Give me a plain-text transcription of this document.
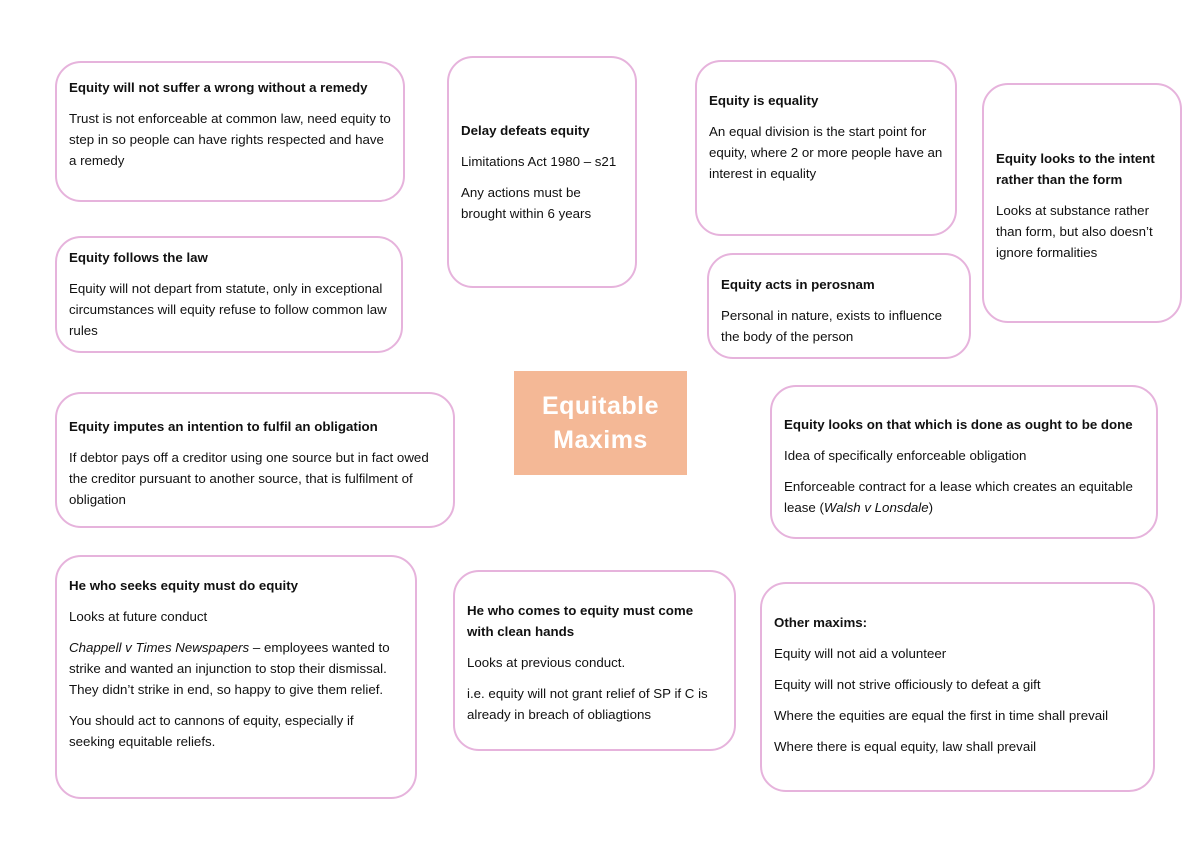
Equity will not suffer a wrong without a remedy

Trust is not enforceable at common law, need equity to step in so people can have rights respected and have a remedy

Delay defeats equity

Limitations Act 1980 – s21

Any actions must be brought within 6 years

Equity is equality

An equal division is the start point for equity, where 2 or more people have an interest in equality

Equity looks to the intent rather than the form

Looks at substance rather than form, but also doesn’t ignore formalities

Equity follows the law

Equity will not depart from statute, only in exceptional circumstances will equity refuse to follow common law rules

Equity acts in perosnam

Personal in nature, exists to influence the body of the person

Equitable
Maxims
Equity imputes an intention to fulfil an obligation

If debtor pays off a creditor using one source but in fact owed the creditor pursuant to another source, that is fulfilment of obligation

Equity looks on that which is done as ought to be done

Idea of specifically enforceable obligation

Enforceable contract for a lease which creates an equitable lease (Walsh v Lonsdale)

He who seeks equity must do equity

Looks at future conduct

Chappell v Times Newspapers – employees wanted to strike and wanted an injunction to stop their dismissal. They didn’t strike in end, so happy to give them relief.

You should act to cannons of equity, especially if seeking equitable reliefs.

He who comes to equity must come with clean hands

Looks at previous conduct.

i.e. equity will not grant relief of SP if C is already in breach of obliagtions

Other maxims:

Equity will not aid a volunteer

Equity will not strive officiously to defeat a gift

Where the equities are equal the first in time shall prevail

Where there is equal equity, law shall prevail
